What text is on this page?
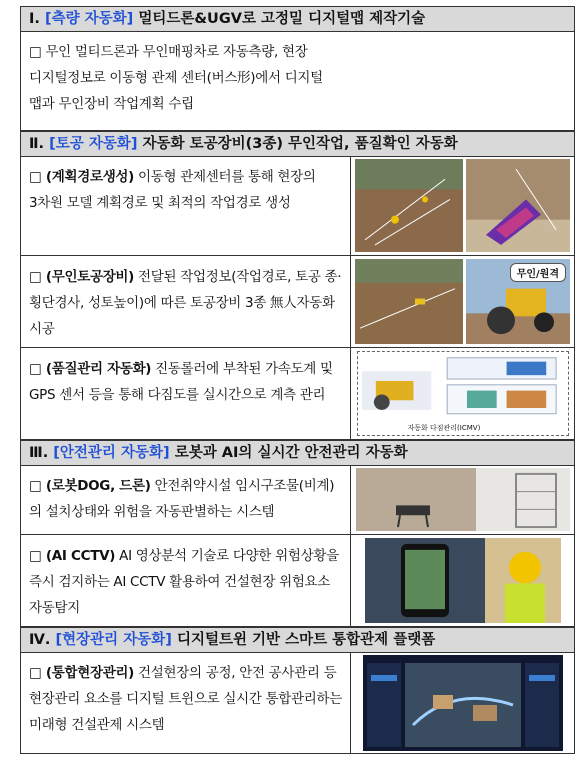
Ⅰ. [측량 자동화] 멀티드론&UGV로 고정밀 디지털맵 제작기술
□ 무인 멀티드론과 무인매핑차로 자동측량, 현장 디지털정보로 이동형 관제 센터(버스形)에서 디지털 맵과 무인장비 작업계획 수립
Ⅱ. [토공 자동화] 자동화 토공장비(3종) 무인작업, 품질확인 자동화
□ (계획경로생성) 이동형 관제센터를 통해 현장의 3차원 모델 계획경로 및 최적의 작업경로 생성
□ (무인토공장비) 전달된 작업정보(작업경로, 토공 종·횡단경사, 성토높이)에 따른 토공장비 3종 無人자동화 시공
무인/원격
□ (품질관리 자동화) 진동롤러에 부착된 가속도계 및 GPS 센서 등을 통해 다짐도를 실시간으로 계측 관리
자동화 다짐관리(ICMV)
Ⅲ. [안전관리 자동화] 로봇과 AI의 실시간 안전관리 자동화
□ (로봇DOG, 드론) 안전취약시설 임시구조물(비계)의 설치상태와 위험을 자동판별하는 시스템
□ (AI CCTV) AI 영상분석 기술로 다양한 위험상황을 즉시 검지하는 AI CCTV 활용하여 건설현장 위험요소 자동탐지
Ⅳ. [현장관리 자동화] 디지털트윈 기반 스마트 통합관제 플랫폼
□ (통합현장관리) 건설현장의 공정, 안전 공사관리 등 현장관리 요소를 디지털 트윈으로 실시간 통합관리하는 미래형 건설관제 시스템
